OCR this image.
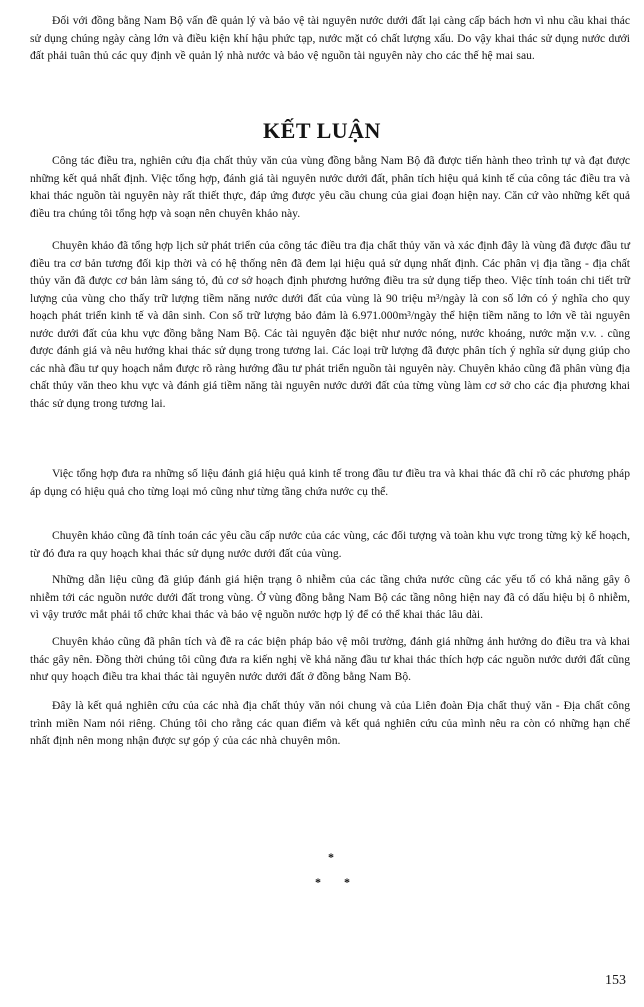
Đối với đồng bằng Nam Bộ vấn đề quản lý và bảo vệ tài nguyên nước dưới đất lại càng cấp bách hơn vì nhu cầu khai thác sử dụng chúng ngày càng lớn và điều kiện khí hậu phức tạp, nước mặt có chất lượng xấu. Do vậy khai thác sử dụng nước dưới đất phải tuân thủ các quy định về quản lý nhà nước và bảo vệ nguồn tài nguyên này cho các thế hệ mai sau.

KẾT LUẬN

Công tác điều tra, nghiên cứu địa chất thủy văn của vùng đồng bằng Nam Bộ đã được tiến hành theo trình tự và đạt được những kết quả nhất định. Việc tổng hợp, đánh giá tài nguyên nước dưới đất, phân tích hiệu quả kinh tế của công tác điều tra và khai thác nguồn tài nguyên này rất thiết thực, đáp ứng được yêu cầu chung của giai đoạn hiện nay. Căn cứ vào những kết quả điều tra chúng tôi tổng hợp và soạn nên chuyên khảo này.

Chuyên khảo đã tổng hợp lịch sử phát triển của công tác điều tra địa chất thủy văn và xác định đây là vùng đã được đầu tư điều tra cơ bản tương đối kịp thời và có hệ thống nên đã đem lại hiệu quả sử dụng nhất định. Các phân vị địa tầng - địa chất thủy văn đã được cơ bản làm sáng tỏ, đủ cơ sở hoạch định phương hướng điều tra sử dụng tiếp theo. Việc tính toán chi tiết trữ lượng của vùng cho thấy trữ lượng tiềm năng nước dưới đất của vùng là 90 triệu m³/ngày là con số lớn có ý nghĩa cho quy hoạch phát triển kinh tế và dân sinh. Con số trữ lượng bảo đảm là 6.971.000m³/ngày thể hiện tiềm năng to lớn về tài nguyên nước dưới đất của khu vực đồng bằng Nam Bộ. Các tài nguyên đặc biệt như nước nóng, nước khoáng, nước mặn v.v. . cũng được đánh giá và nêu hướng khai thác sử dụng trong tương lai. Các loại trữ lượng đã được phân tích ý nghĩa sử dụng giúp cho các nhà đầu tư quy hoạch nắm được rõ ràng hướng đầu tư phát triển nguồn tài nguyên này. Chuyên khảo cũng đã phân vùng địa chất thủy văn theo khu vực và đánh giá tiềm năng tài nguyên nước dưới đất của từng vùng làm cơ sở cho các địa phương khai thác sử dụng trong tương lai.

Việc tổng hợp đưa ra những số liệu đánh giá hiệu quả kinh tế trong đầu tư điều tra và khai thác đã chỉ rõ các phương pháp áp dụng có hiệu quả cho từng loại mỏ cũng như từng tầng chứa nước cụ thể.

Chuyên khảo cũng đã tính toán các yêu cầu cấp nước của các vùng, các đối tượng và toàn khu vực trong từng kỳ kế hoạch, từ đó đưa ra quy hoạch khai thác sử dụng nước dưới đất của vùng.

Những dẫn liệu cũng đã giúp đánh giá hiện trạng ô nhiễm của các tầng chứa nước cũng các yếu tố có khả năng gây ô nhiễm tới các nguồn nước dưới đất trong vùng. Ở vùng đồng bằng Nam Bộ các tầng nông hiện nay đã có dấu hiệu bị ô nhiễm, vì vậy trước mắt phải tổ chức khai thác và bảo vệ nguồn nước hợp lý để có thể khai thác lâu dài.

Chuyên khảo cũng đã phân tích và đề ra các biện pháp bảo vệ môi trường, đánh giá những ảnh hưởng do điều tra và khai thác gây nên. Đồng thời chúng tôi cũng đưa ra kiến nghị về khả năng đầu tư khai thác thích hợp các nguồn nước dưới đất cũng như quy hoạch điều tra khai thác tài nguyên nước dưới đất ở đồng bằng Nam Bộ.

Đây là kết quả nghiên cứu của các nhà địa chất thủy văn nói chung và của Liên đoàn Địa chất thuỷ văn - Địa chất công trình miền Nam nói riêng. Chúng tôi cho rằng các quan điểm và kết quả nghiên cứu của mình nêu ra còn có những hạn chế nhất định nên mong nhận được sự góp ý của các nhà chuyên môn.

*
* *
153
